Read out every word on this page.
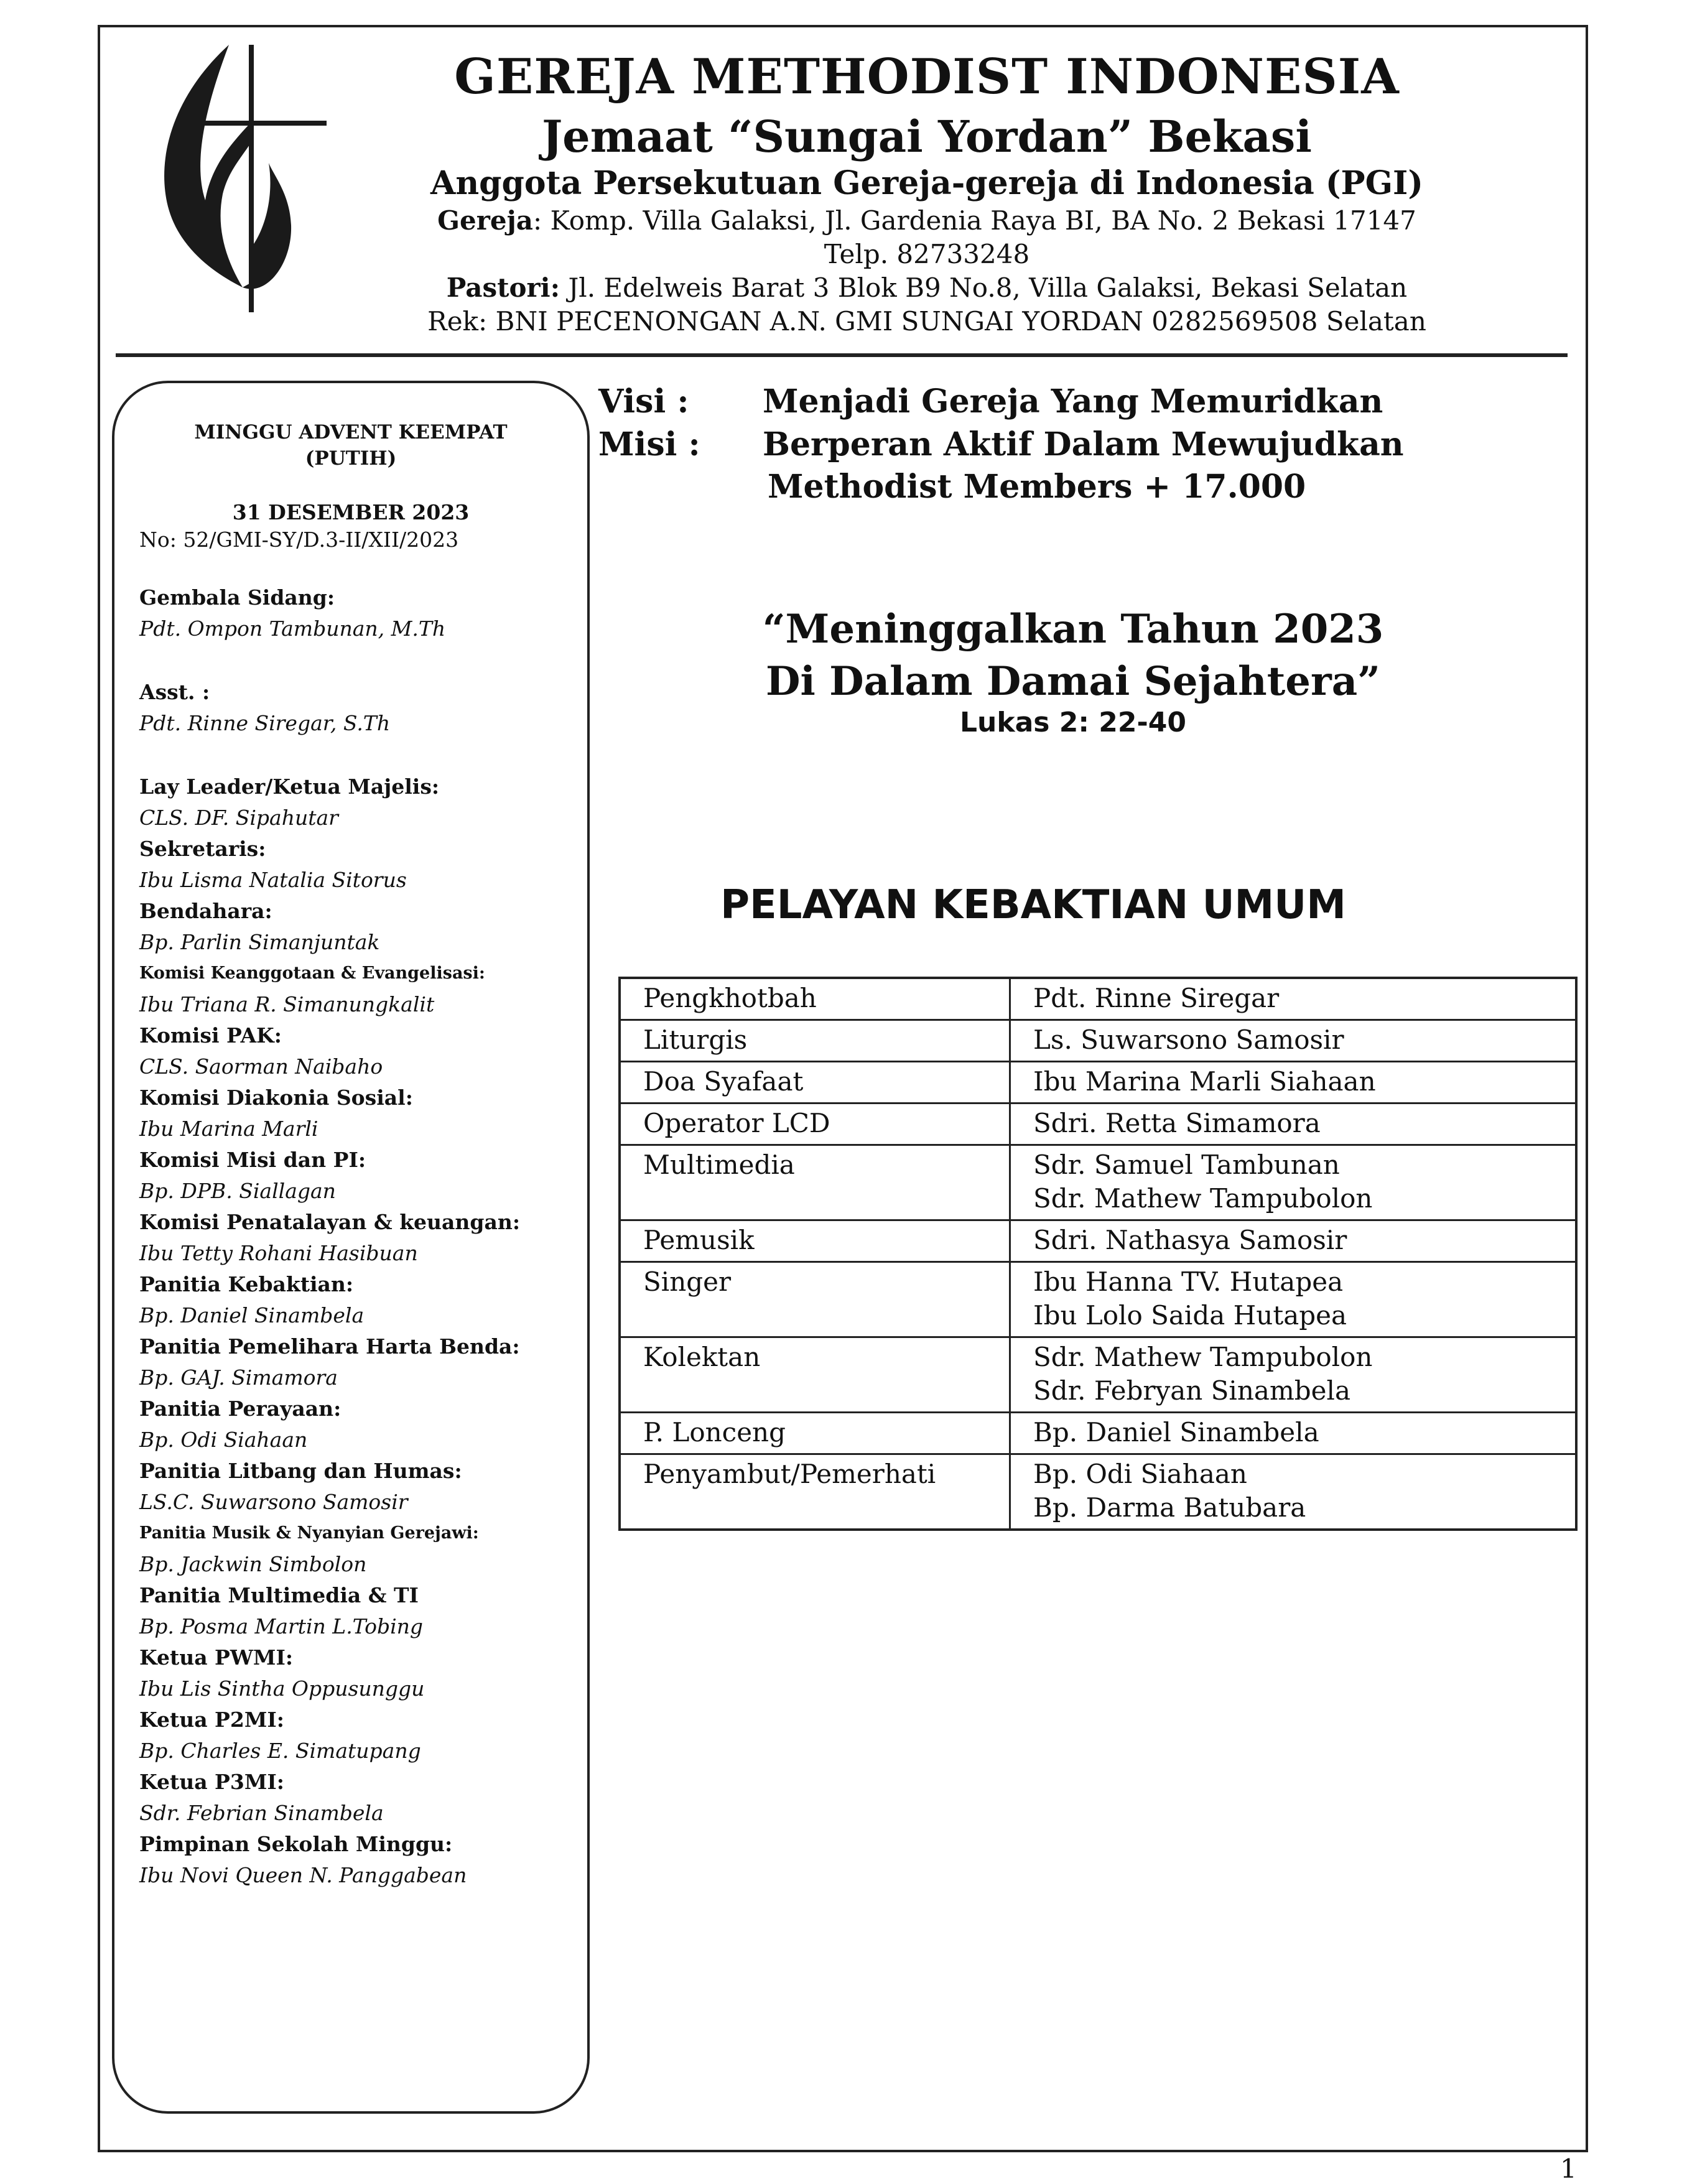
GEREJA METHODIST INDONESIA
Jemaat “Sungai Yordan” Bekasi
Anggota Persekutuan Gereja-gereja di Indonesia (PGI)
Gereja: Komp. Villa Galaksi, Jl. Gardenia Raya BI, BA No. 2 Bekasi 17147
Telp. 82733248
Pastori: Jl. Edelweis Barat 3 Blok B9 No.8, Villa Galaksi, Bekasi Selatan
Rek: BNI PECENONGAN A.N. GMI SUNGAI YORDAN 0282569508 Selatan
MINGGU ADVENT KEEMPAT
(PUTIH)
31 DESEMBER 2023
No: 52/GMI-SY/D.3-II/XII/2023
Gembala Sidang:
Pdt. Ompon Tambunan, M.Th
Asst. :
Pdt. Rinne Siregar, S.Th
Lay Leader/Ketua Majelis:
CLS. DF. Sipahutar
Sekretaris:
Ibu Lisma Natalia Sitorus
Bendahara:
Bp. Parlin Simanjuntak
Komisi Keanggotaan & Evangelisasi:
Ibu Triana R. Simanungkalit
Komisi PAK:
CLS. Saorman Naibaho
Komisi Diakonia Sosial:
Ibu Marina Marli
Komisi Misi dan PI:
Bp. DPB. Siallagan
Komisi Penatalayan & keuangan:
Ibu Tetty Rohani Hasibuan
Panitia Kebaktian:
Bp. Daniel Sinambela
Panitia Pemelihara Harta Benda:
Bp. GAJ. Simamora
Panitia Perayaan:
Bp. Odi Siahaan
Panitia Litbang dan Humas:
LS.C. Suwarsono Samosir
Panitia Musik & Nyanyian Gerejawi:
Bp. Jackwin Simbolon
Panitia Multimedia & TI
Bp. Posma Martin L.Tobing
Ketua PWMI:
Ibu Lis Sintha Oppusunggu
Ketua P2MI:
Bp. Charles E. Simatupang
Ketua P3MI:
Sdr. Febrian Sinambela
Pimpinan Sekolah Minggu:
Ibu Novi Queen N. Panggabean
Visi : Menjadi Gereja Yang Memuridkan
Misi : Berperan Aktif Dalam Mewujudkan
Methodist Members + 17.000
“Meninggalkan Tahun 2023
Di Dalam Damai Sejahtera”
Lukas 2: 22-40
PELAYAN KEBAKTIAN UMUM
Pengkhotbah	Pdt. Rinne Siregar

Liturgis	Ls. Suwarsono Samosir

Doa Syafaat	Ibu Marina Marli Siahaan

Operator LCD	Sdri. Retta Simamora

Multimedia	Sdr. Samuel Tambunan
Sdr. Mathew Tampubolon

Pemusik	Sdri. Nathasya Samosir

Singer	Ibu Hanna TV. Hutapea
Ibu Lolo Saida Hutapea

Kolektan	Sdr. Mathew Tampubolon
Sdr. Febryan Sinambela

P. Lonceng	Bp. Daniel Sinambela

Penyambut/Pemerhati	Bp. Odi Siahaan
Bp. Darma Batubara
1
